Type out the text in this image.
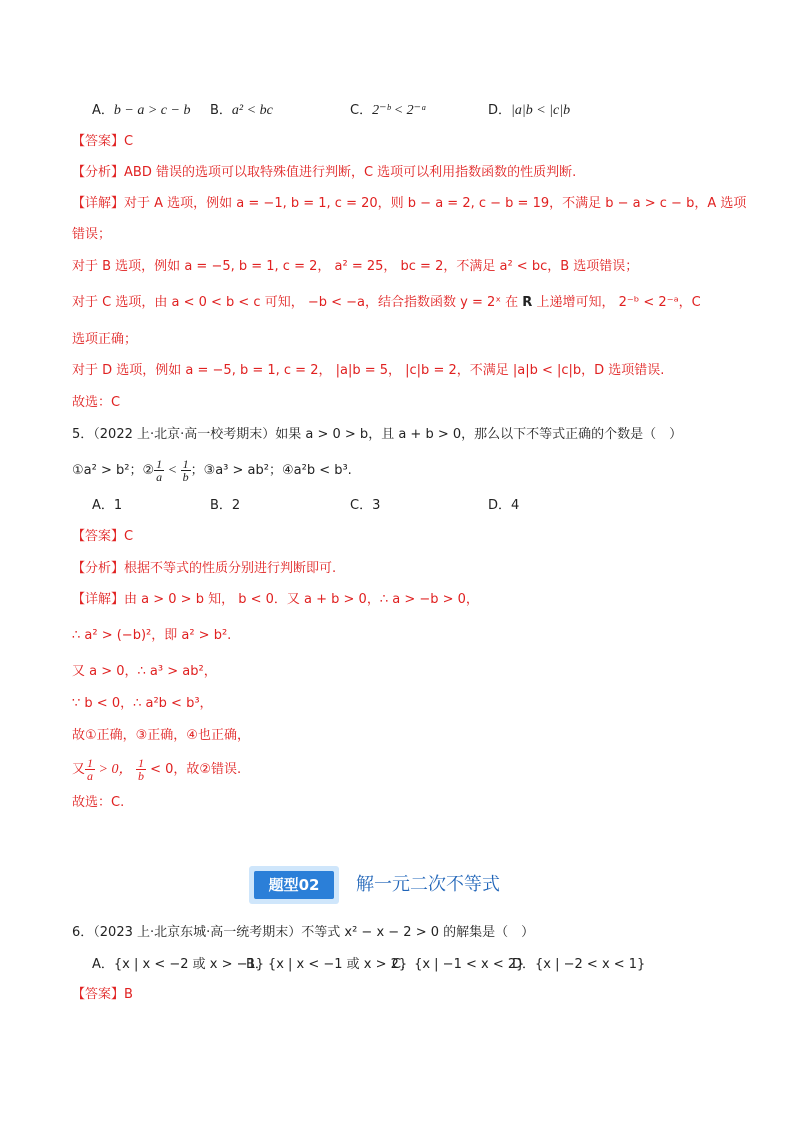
A．b − a > c − b B．a² < bc	C．2⁻ᵇ < 2⁻ᵃ	D．|a|b < |c|b
【答案】C
【分析】ABD 错误的选项可以取特殊值进行判断，C 选项可以利用指数函数的性质判断.
【详解】对于 A 选项，例如 a = −1, b = 1, c = 20，则 b − a = 2, c − b = 19，不满足 b − a > c − b，A 选项
错误；
对于 B 选项，例如 a = −5, b = 1, c = 2， a² = 25， bc = 2，不满足 a² < bc，B 选项错误；
对于 C 选项，由 a < 0 < b < c 可知， −b < −a，结合指数函数 y = 2ˣ 在 R 上递增可知， 2⁻ᵇ < 2⁻ᵃ，C
选项正确；
对于 D 选项，例如 a = −5, b = 1, c = 2， |a|b = 5， |c|b = 2，不满足 |a|b < |c|b，D 选项错误.
故选：C
5．（2022 上·北京·高一校考期末）如果 a > 0 > b，且 a + b > 0，那么以下不等式正确的个数是（　）
①a² > b²；② $\frac{1}{a} < \frac{1}{b}$ ；③a³ > ab²；④a²b < b³.
A．1	B．2	C．3	D．4
【答案】C
【分析】根据不等式的性质分别进行判断即可.
【详解】由 a > 0 > b 知， b < 0．又 a + b > 0，∴ a > −b > 0，
∴ a² > (−b)²，即 a² > b².
又 a > 0，∴ a³ > ab²，
∵ b < 0，∴ a²b < b³，
故①正确，③正确，④也正确，
又 $\frac{1}{a} > 0$， $\frac{1}{b} < 0$，故②错误.
故选：C.
题型02	解一元二次不等式
6．（2023 上·北京东城·高一统考期末）不等式 x² − x − 2 > 0 的解集是（　）
A．{x | x < −2 或 x > −1}
B．{x | x < −1 或 x > 2}
C．{x | −1 < x < 2}
D．{x | −2 < x < 1}
【答案】B
